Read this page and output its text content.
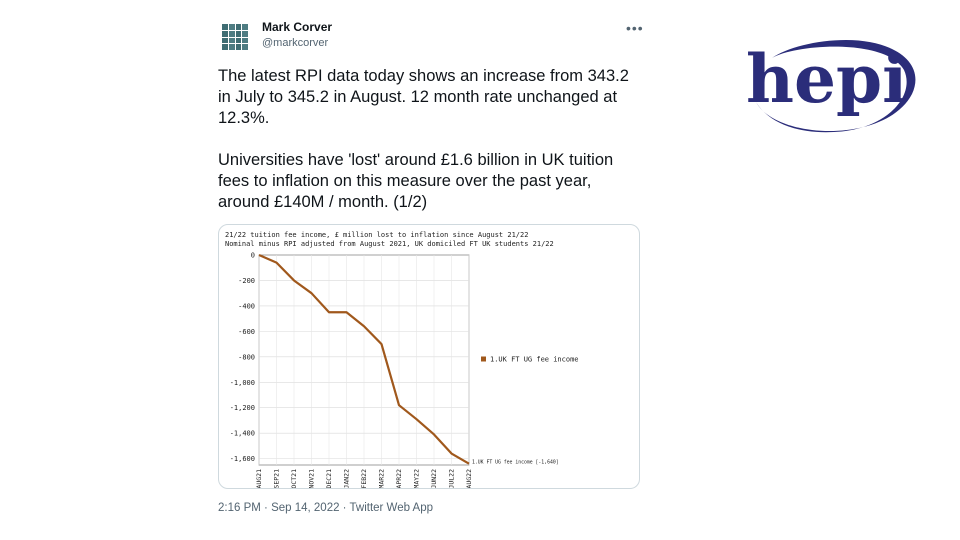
Mark Corver
@markcorver
•••

The latest RPI data today shows an increase from 343.2 in July to 345.2 in August. 12 month rate unchanged at 12.3%.

Universities have 'lost' around £1.6 billion in UK tuition fees to inflation on this measure over the past year, around £140M / month. (1/2)

21/22 tuition fee income, £ million lost to inflation since August 21/22
Nominal minus RPI adjusted from August 2021, UK domiciled FT UK students 21/22
0
-200
-400
-600
-800
-1,000
-1,200
-1,400
-1,600
AUG21 SEP21 OCT21 NOV21 DEC21 JAN22 FEB22 MAR22 APR22 MAY22 JUN22 JUL22 AUG22
1.UK FT UG fee income [-1,640]
1.UK FT UG fee income
2:16 PM · Sep 14, 2022 · Twitter Web App
hepi
